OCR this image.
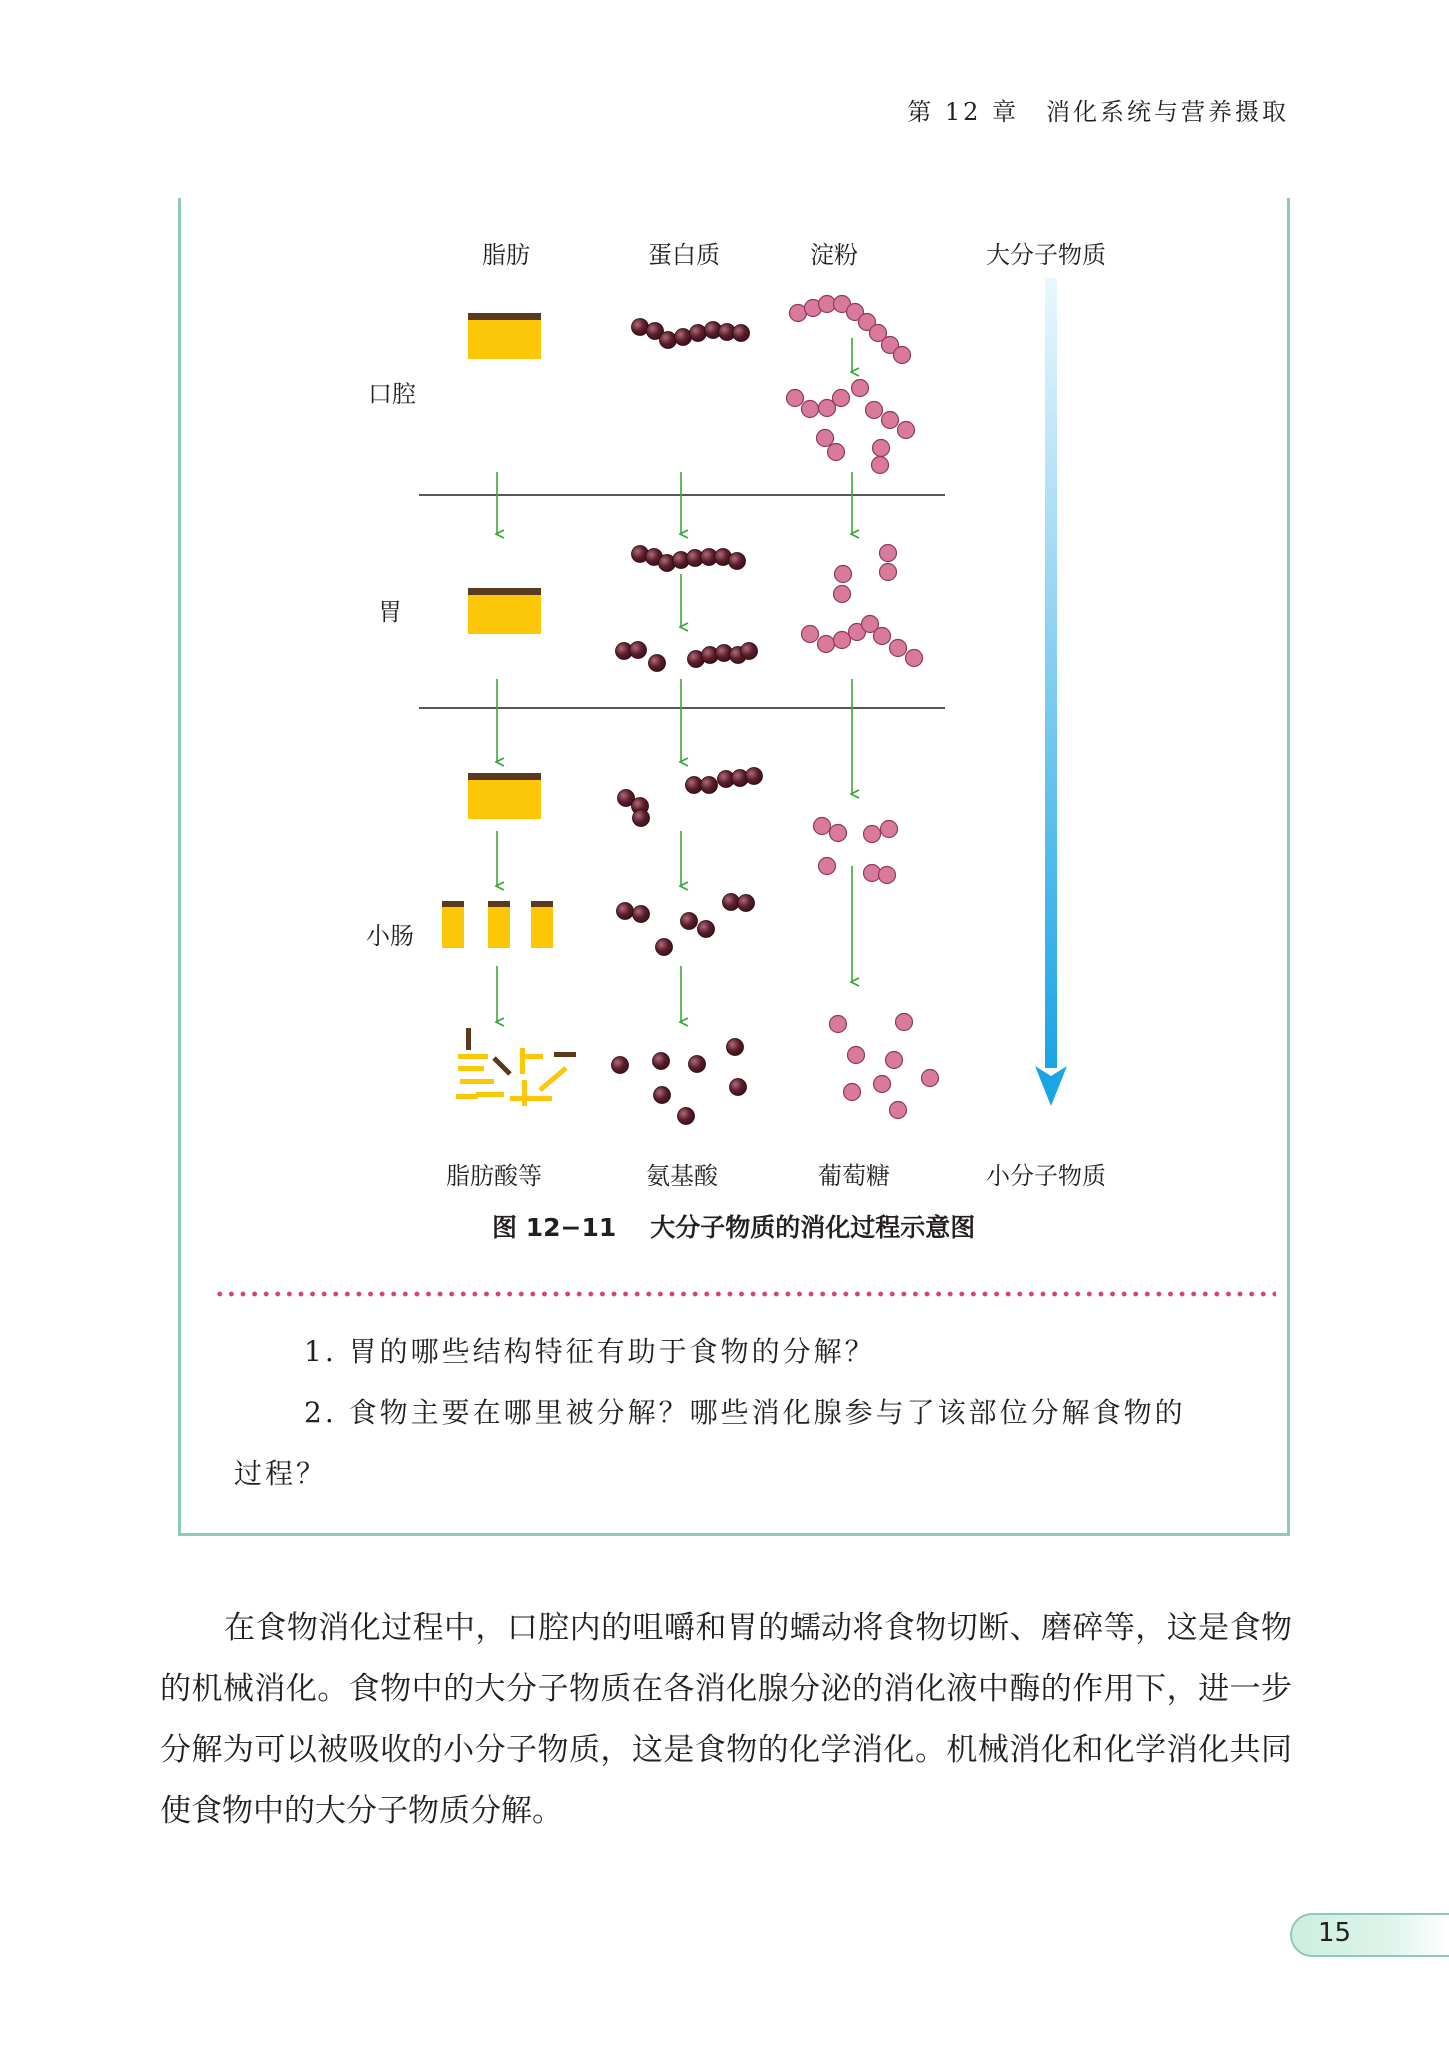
第 12 章　消化系统与营养摄取
脂肪	蛋白质	淀粉	大分子物质
口腔
胃
小肠
脂肪酸等	氨基酸	葡萄糖	小分子物质
图 12−11 大分子物质的消化过程示意图
1. 胃的哪些结构特征有助于食物的分解？
2. 食物主要在哪里被分解？哪些消化腺参与了该部位分解食物的
过程？
在食物消化过程中，口腔内的咀嚼和胃的蠕动将食物切断、磨碎等，这是食物的机械消化。食物中的大分子物质在各消化腺分泌的消化液中酶的作用下，进一步分解为可以被吸收的小分子物质，这是食物的化学消化。机械消化和化学消化共同使食物中的大分子物质分解。
15
